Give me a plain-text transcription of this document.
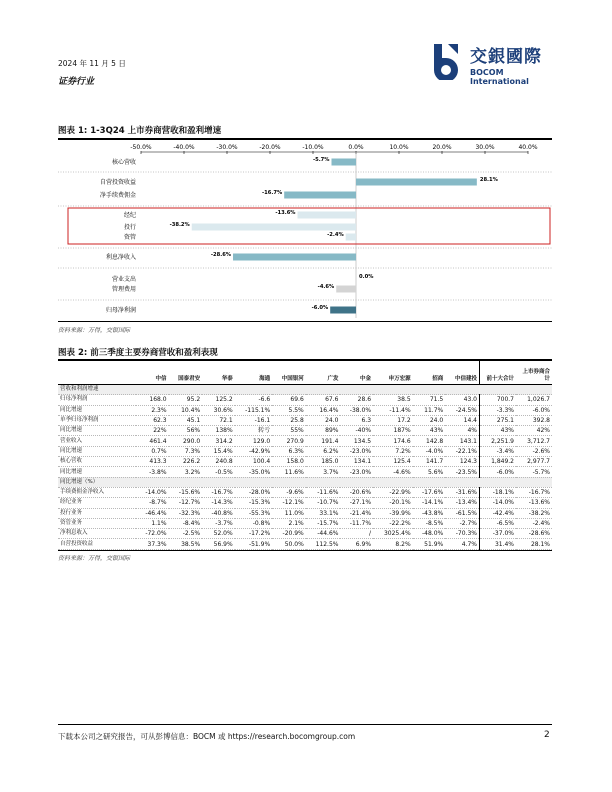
2024 年 11 月 5 日
证券行业
交銀國際
BOCOM International
图表 1: 1-3Q24 上市券商营收和盈利增速
-50.0%	-40.0%	-30.0%	-20.0%	-10.0%	0.0%	10.0%	20.0%	30.0%	40.0%
核心营收
自营投资收益
净手续费佣金
经纪
投行
资管
利息净收入
营业支出
管理费用
归母净利润
-5.7%
28.1%
-16.7%
-13.6%
-38.2%
-2.4%
-28.6%
0.0%
-4.6%
-6.0%
资料来源：万得，交银国际
图表 2: 前三季度主要券商营收和盈利表现
	中信	国泰君安	华泰	海通	中国银河	广发	中金	申万宏源	招商	中信建投	前十大合计	上市券商合计
营收和利润增速												
归母净利润	168.0	95.2	125.2	-6.6	69.6	67.6	28.6	38.5	71.5	43.0	700.7	1,026.7
同比增速	2.3%	10.4%	30.6%	-115.1%	5.5%	16.4%	-38.0%	-11.4%	11.7%	-24.5%	-3.3%	-6.0%
单季归母净利润	62.3	45.1	72.1	-16.1	25.8	24.0	6.3	17.2	24.0	14.4	275.1	392.8
同比增速	22%	56%	138%	转亏	55%	89%	-40%	187%	43%	4%	43%	42%
营业收入	461.4	290.0	314.2	129.0	270.9	191.4	134.5	174.6	142.8	143.1	2,251.9	3,712.7
同比增速	0.7%	7.3%	15.4%	-42.9%	6.3%	6.2%	-23.0%	7.2%	-4.0%	-22.1%	-3.4%	-2.6%
核心营收	413.3	226.2	240.8	100.4	158.0	185.0	134.1	125.4	141.7	124.3	1,849.2	2,977.7
同比增速	-3.8%	3.2%	-0.5%	-35.0%	11.6%	3.7%	-23.0%	-4.6%	5.6%	-23.5%	-6.0%	-5.7%
同比增速（%）												
手续费佣金净收入	-14.0%	-15.6%	-16.7%	-28.0%	-9.6%	-11.6%	-20.6%	-22.9%	-17.6%	-31.6%	-18.1%	-16.7%
经纪业务	-8.7%	-12.7%	-14.3%	-15.3%	-12.1%	-10.7%	-27.1%	-20.1%	-14.1%	-13.4%	-14.0%	-13.6%
投行业务	-46.4%	-32.3%	-40.8%	-55.3%	11.0%	33.1%	-21.4%	-39.9%	-43.8%	-61.5%	-42.4%	-38.2%
资管业务	1.1%	-8.4%	-3.7%	-0.8%	2.1%	-15.7%	-11.7%	-22.2%	-8.5%	-2.7%	-6.5%	-2.4%
净利息收入	-72.0%	-2.5%	52.0%	-17.2%	-20.9%	-44.6%	/	3025.4%	-48.0%	-70.3%	-37.0%	-28.6%
自营投资收益	37.3%	38.5%	56.9%	-51.9%	50.0%	112.5%	6.9%	8.2%	51.9%	4.7%	31.4%	28.1%
资料来源：万得，交银国际
下载本公司之研究报告，可从彭博信息：BOCM 或 https://research.bocomgroup.com	2
